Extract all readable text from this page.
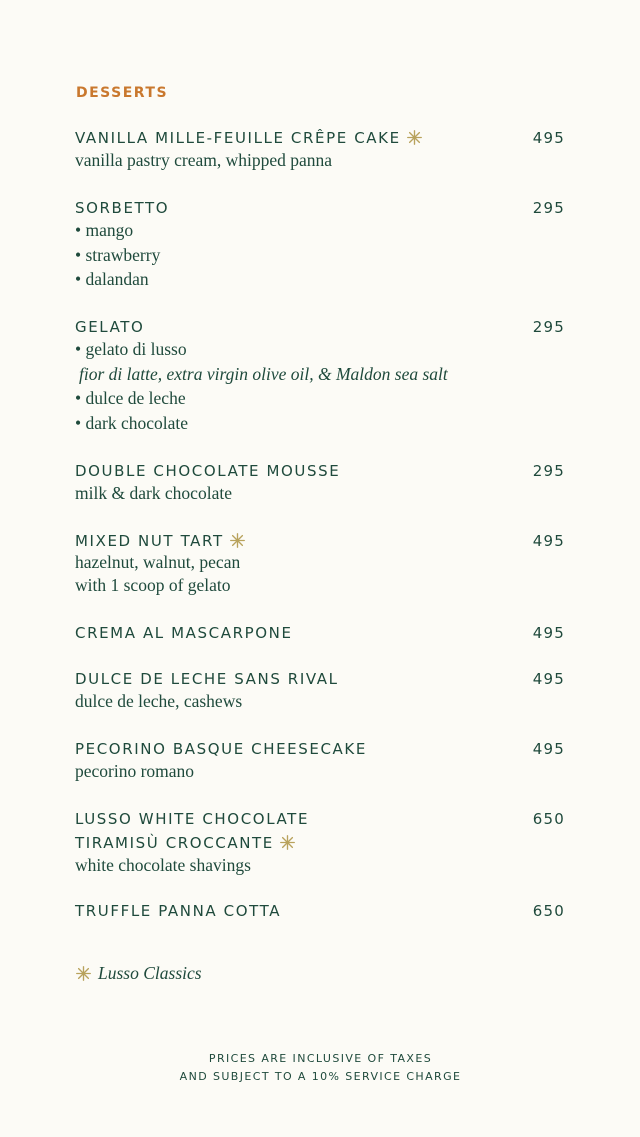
DESSERTS
VANILLA MILLE-FEUILLE CRÊPE CAKE	495
vanilla pastry cream, whipped panna
SORBETTO	295
• mango
• strawberry
• dalandan
GELATO	295
• gelato di lusso
fior di latte, extra virgin olive oil, & Maldon sea salt
• dulce de leche
• dark chocolate
DOUBLE CHOCOLATE MOUSSE	295
milk & dark chocolate
MIXED NUT TART	495
hazelnut, walnut, pecan
with 1 scoop of gelato
CREMA AL MASCARPONE	495
DULCE DE LECHE SANS RIVAL	495
dulce de leche, cashews
PECORINO BASQUE CHEESECAKE	495
pecorino romano
LUSSO WHITE CHOCOLATE	650
TIRAMISÙ CROCCANTE
white chocolate shavings
TRUFFLE PANNA COTTA	650
Lusso Classics
PRICES ARE INCLUSIVE OF TAXES
AND SUBJECT TO A 10% SERVICE CHARGE
